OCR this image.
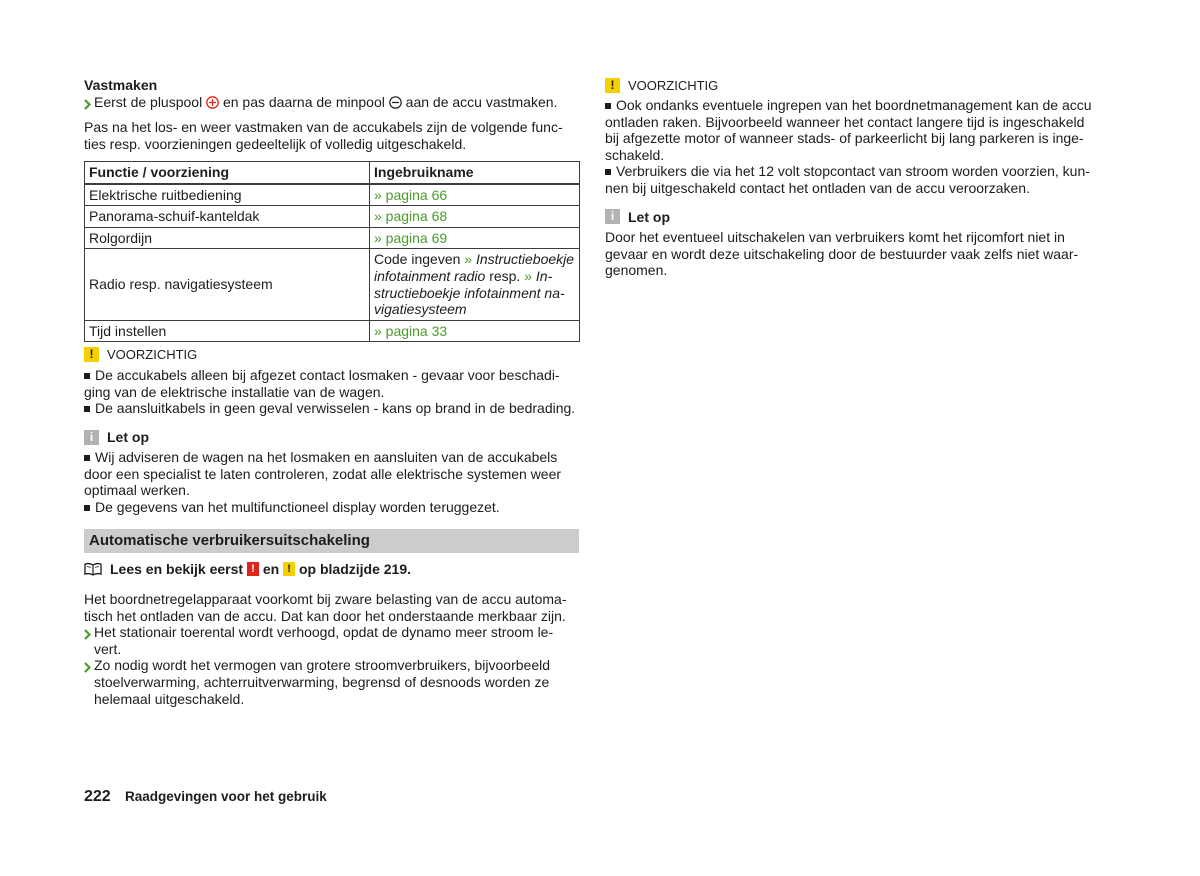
Vastmaken
Eerst de pluspool en pas daarna de minpool aan de accu vastmaken.
Pas na het los- en weer vastmaken van de accukabels zijn de volgende func-
ties resp. voorzieningen gedeeltelijk of volledig uitgeschakeld.
Functie / voorziening	Ingebruikname
Elektrische ruitbediening	» pagina 66
Panorama-schuif-kanteldak	» pagina 68
Rolgordijn	» pagina 69
Radio resp. navigatiesysteem	Code ingeven » Instructieboekje
infotainment radio resp. » In-
structieboekje infotainment na-
vigatiesysteem

Tijd instellen	» pagina 33
!
VOORZICHTIG
De accukabels alleen bij afgezet contact losmaken - gevaar voor beschadi-
ging van de elektrische installatie van de wagen.
De aansluitkabels in geen geval verwisselen - kans op brand in de bedrading.
i
Let op
Wij adviseren de wagen na het losmaken en aansluiten van de accukabels
door een specialist te laten controleren, zodat alle elektrische systemen weer
optimaal werken.
De gegevens van het multifunctioneel display worden teruggezet.
Automatische verbruikersuitschakeling
Lees en bekijk eerst ! en ! op bladzijde 219.
Het boordnetregelapparaat voorkomt bij zware belasting van de accu automa-
tisch het ontladen van de accu. Dat kan door het onderstaande merkbaar zijn.
Het stationair toerental wordt verhoogd, opdat de dynamo meer stroom le-
vert.
Zo nodig wordt het vermogen van grotere stroomverbruikers, bijvoorbeeld
stoelverwarming, achterruitverwarming, begrensd of desnoods worden ze
helemaal uitgeschakeld.
222 Raadgevingen voor het gebruik
!
VOORZICHTIG
Ook ondanks eventuele ingrepen van het boordnetmanagement kan de accu
ontladen raken. Bijvoorbeeld wanneer het contact langere tijd is ingeschakeld
bij afgezette motor of wanneer stads- of parkeerlicht bij lang parkeren is inge-
schakeld.
Verbruikers die via het 12 volt stopcontact van stroom worden voorzien, kun-
nen bij uitgeschakeld contact het ontladen van de accu veroorzaken.
i
Let op
Door het eventueel uitschakelen van verbruikers komt het rijcomfort niet in
gevaar en wordt deze uitschakeling door de bestuurder vaak zelfs niet waar-
genomen.
